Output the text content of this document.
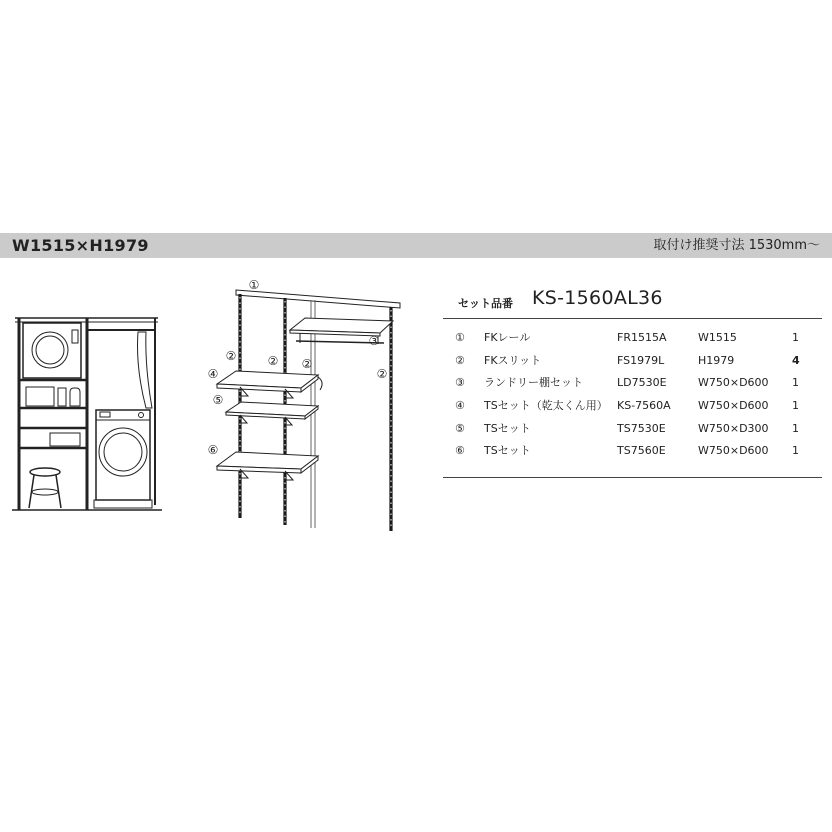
W1515×H1979	取付け推奨寸法 1530mm〜
①
②	② ②
②
③
④
⑤
⑥
セット品番 KS-1560AL36
① FKレール	FR1515A	W1515	1
② FKスリット	FS1979L	H1979	4
③ ランドリー棚セット	LD7530E	W750×D600 1
④ TSセット（乾太くん用） KS-7560A W750×D600 1
⑤ TSセット	TS7530E	W750×D300 1
⑥ TSセット	TS7560E	W750×D600 1
